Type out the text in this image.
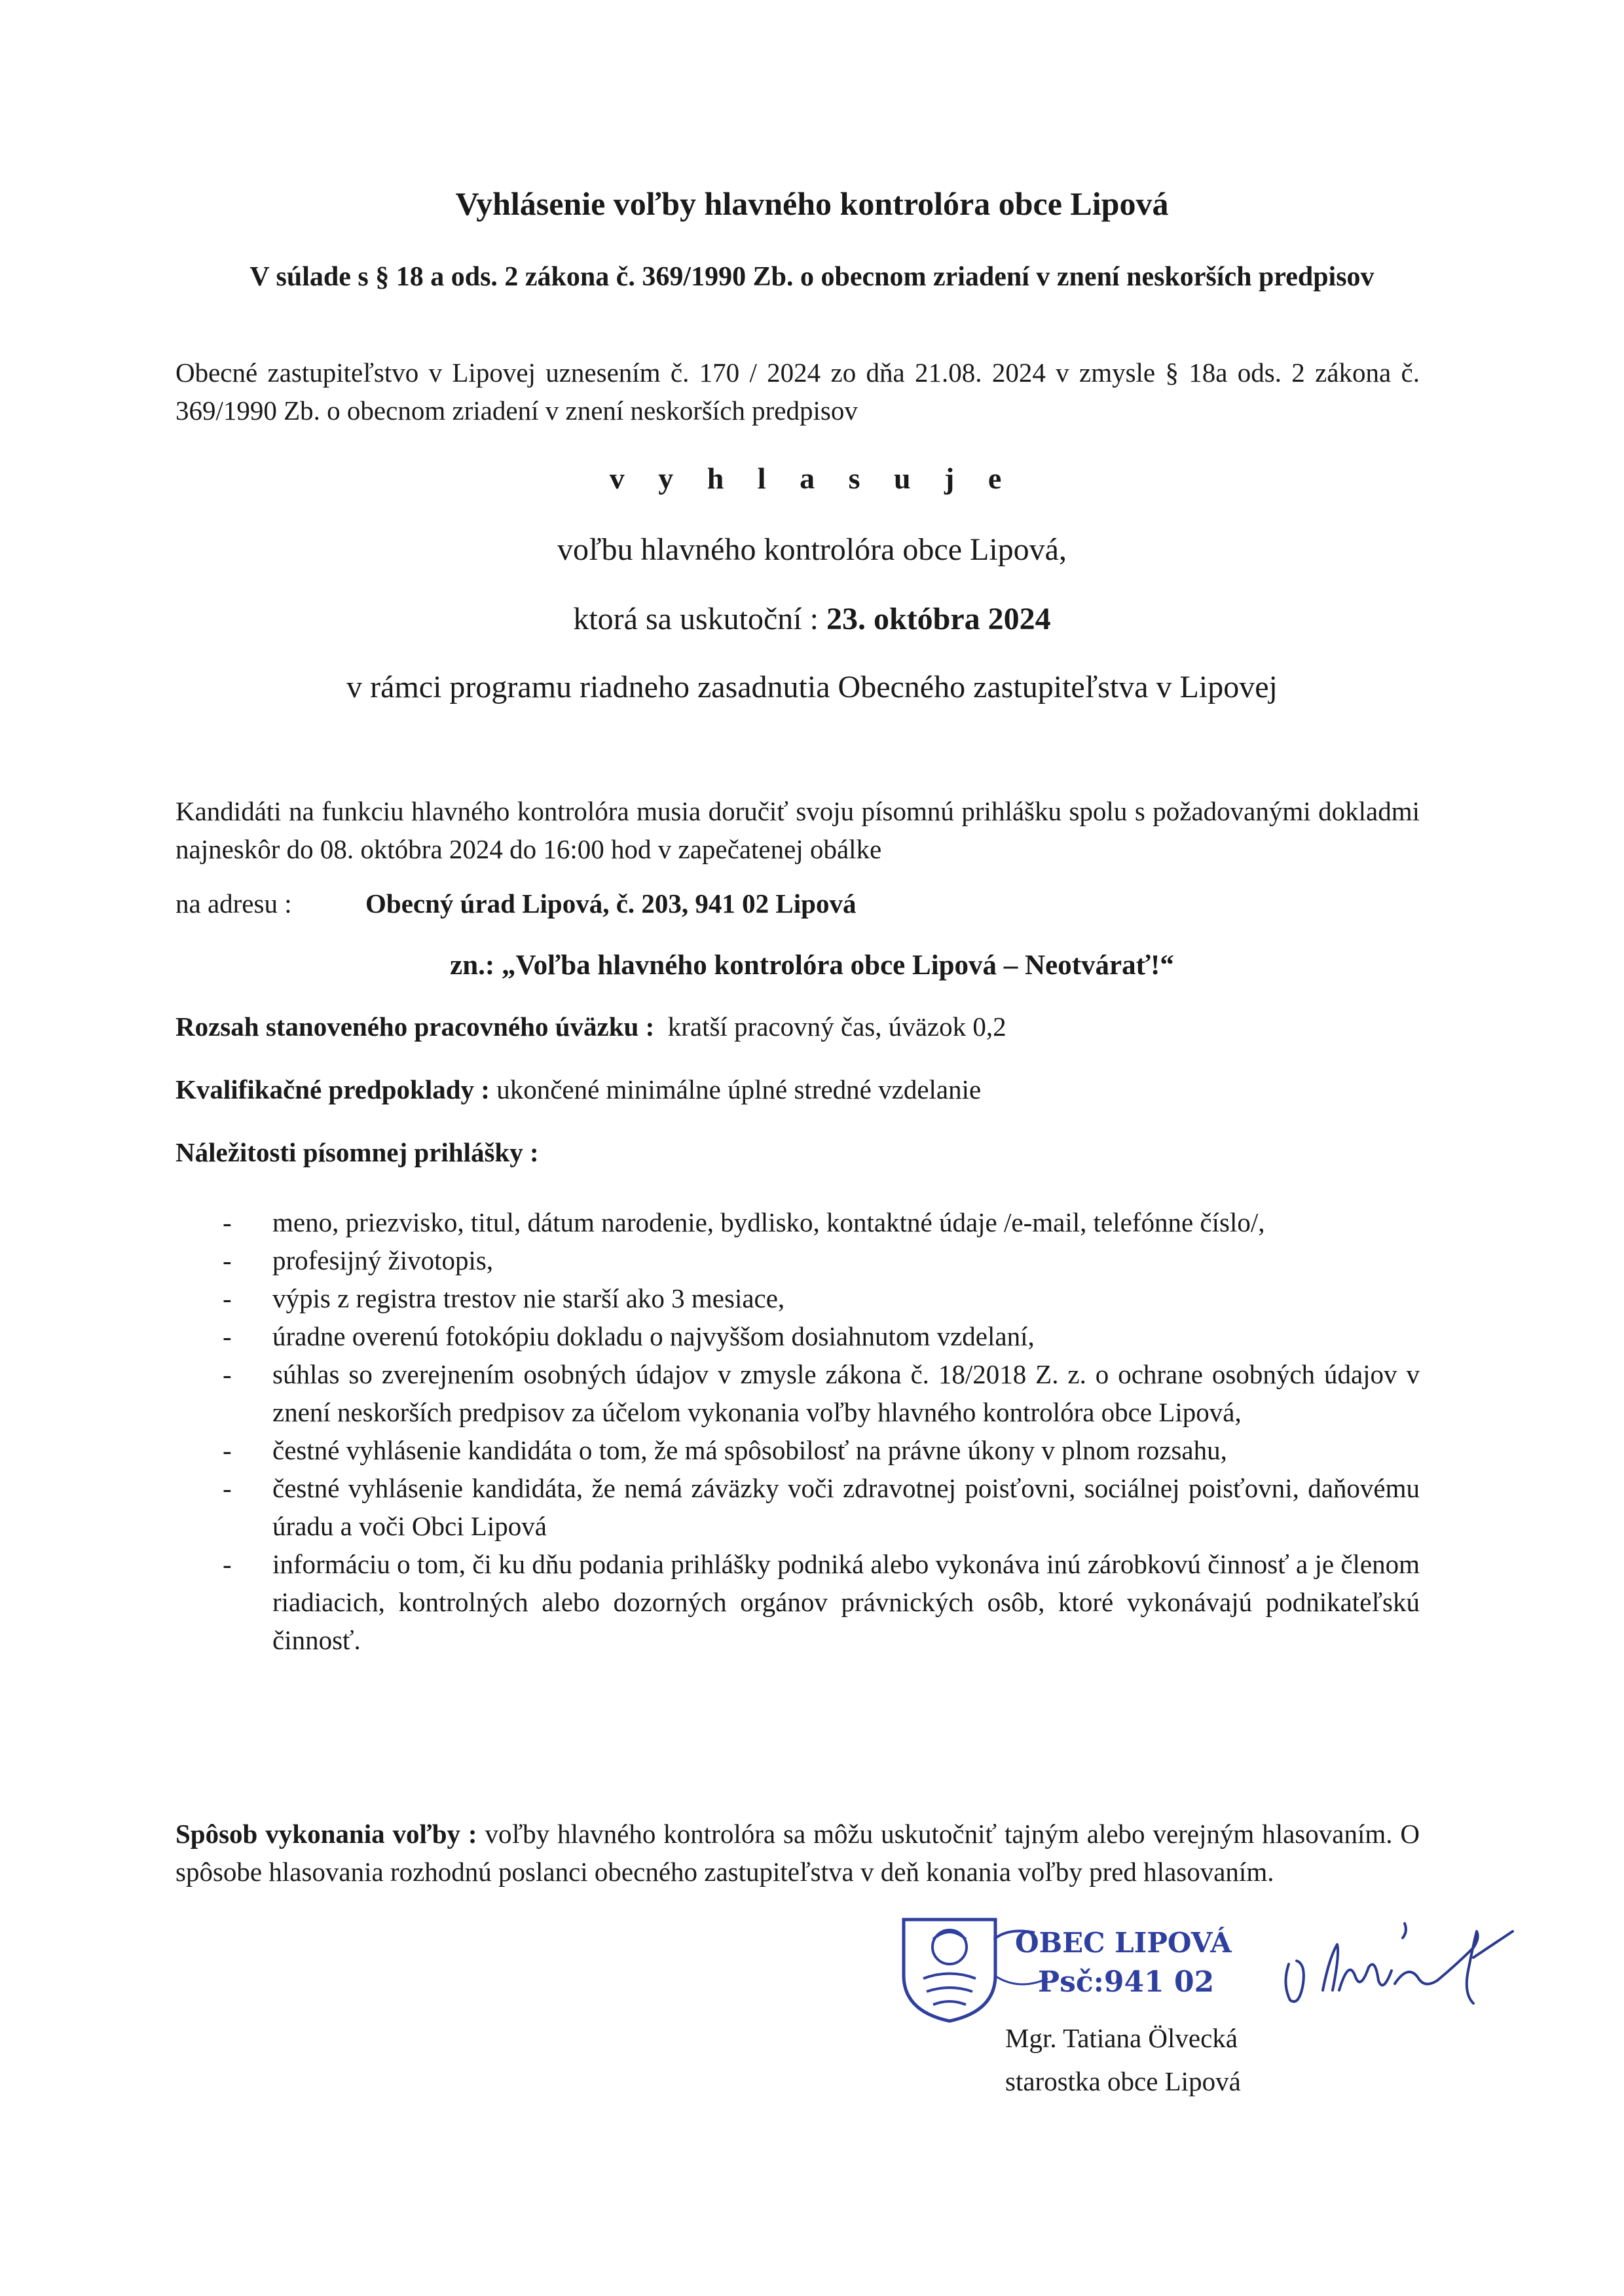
Vyhlásenie voľby hlavného kontrolóra obce Lipová
V súlade s § 18 a ods. 2 zákona č. 369/1990 Zb. o obecnom zriadení v znení neskorších predpisov
Obecné zastupiteľstvo v Lipovej uznesením č. 170 / 2024 zo dňa 21.08. 2024 v zmysle § 18a ods. 2 zákona č. 369/1990 Zb. o obecnom zriadení v znení neskorších predpisov
v y h l a s u j e
voľbu hlavného kontrolóra obce Lipová,
ktorá sa uskutoční : 23. októbra 2024
v rámci programu riadneho zasadnutia Obecného zastupiteľstva v Lipovej
Kandidáti na funkciu hlavného kontrolóra musia doručiť svoju písomnú prihlášku spolu s požadovanými dokladmi najneskôr do 08. októbra 2024 do 16:00 hod v zapečatenej obálke
na adresu :	Obecný úrad Lipová, č. 203, 941 02 Lipová
zn.: „Voľba hlavného kontrolóra obce Lipová – Neotvárať!“
Rozsah stanoveného pracovného úväzku : kratší pracovný čas, úväzok 0,2
Kvalifikačné predpoklady : ukončené minimálne úplné stredné vzdelanie
Náležitosti písomnej prihlášky :
- meno, priezvisko, titul, dátum narodenie, bydlisko, kontaktné údaje /e-mail, telefónne číslo/,
- profesijný životopis,
- výpis z registra trestov nie starší ako 3 mesiace,
- úradne overenú fotokópiu dokladu o najvyššom dosiahnutom vzdelaní,
- súhlas so zverejnením osobných údajov v zmysle zákona č. 18/2018 Z. z. o ochrane osobných údajov v znení neskorších predpisov za účelom vykonania voľby hlavného kontrolóra obce Lipová,
- čestné vyhlásenie kandidáta o tom, že má spôsobilosť na právne úkony v plnom rozsahu,
- čestné vyhlásenie kandidáta, že nemá záväzky voči zdravotnej poisťovni, sociálnej poisťovni, daňovému úradu a voči Obci Lipová
- informáciu o tom, či ku dňu podania prihlášky podniká alebo vykonáva inú zárobkovú činnosť a je členom riadiacich, kontrolných alebo dozorných orgánov právnických osôb, ktoré vykonávajú podnikateľskú činnosť.
Spôsob vykonania voľby : voľby hlavného kontrolóra sa môžu uskutočniť tajným alebo verejným hlasovaním. O spôsobe hlasovania rozhodnú poslanci obecného zastupiteľstva v deň konania voľby pred hlasovaním.
OBEC LIPOVÁ
Psč:941 02
Mgr. Tatiana Ölvecká
starostka obce Lipová
